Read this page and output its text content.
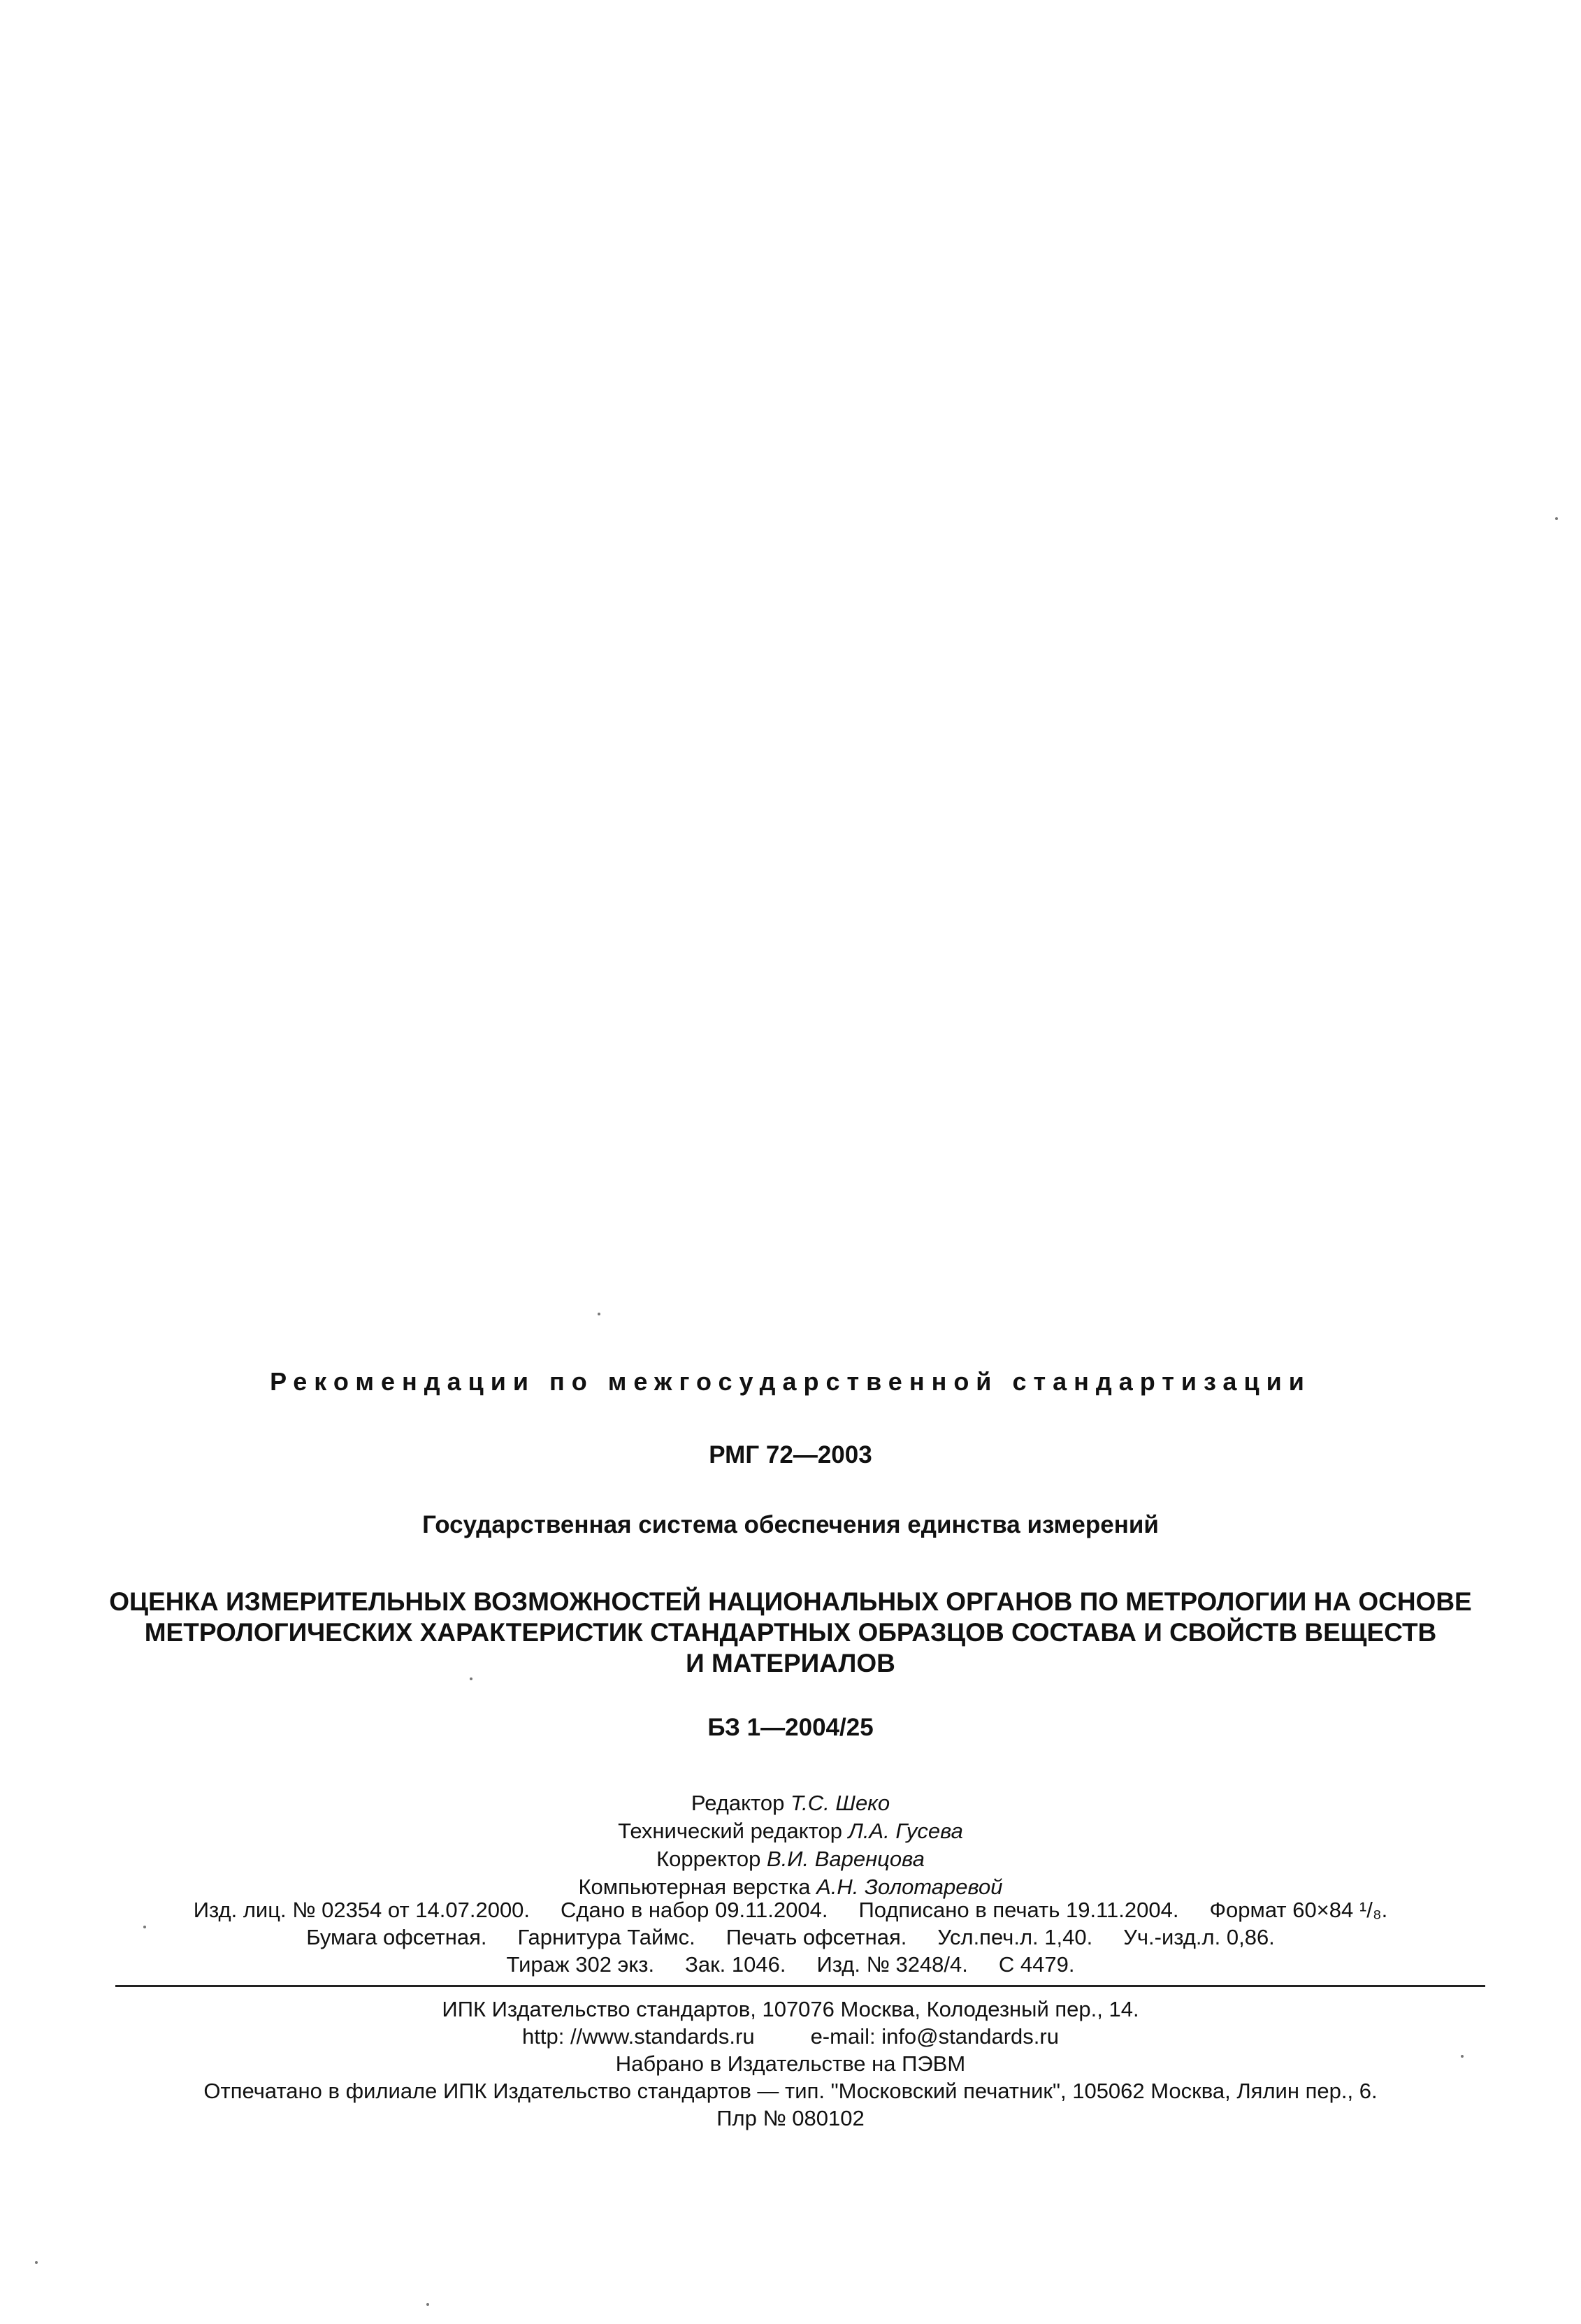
Рекомендации по межгосударственной стандартизации
РМГ 72—2003
Государственная система обеспечения единства измерений
ОЦЕНКА ИЗМЕРИТЕЛЬНЫХ ВОЗМОЖНОСТЕЙ НАЦИОНАЛЬНЫХ ОРГАНОВ ПО МЕТРОЛОГИИ НА ОСНОВЕ
МЕТРОЛОГИЧЕСКИХ ХАРАКТЕРИСТИК СТАНДАРТНЫХ ОБРАЗЦОВ СОСТАВА И СВОЙСТВ ВЕЩЕСТВ
И МАТЕРИАЛОВ
БЗ 1—2004/25
Редактор Т.С. Шеко
Технический редактор Л.А. Гусева
Корректор В.И. Варенцова
Компьютерная верстка А.Н. Золотаревой
Изд. лиц. № 02354 от 14.07.2000. Сдано в набор 09.11.2004. Подписано в печать 19.11.2004. Формат 60×84 ¹/₈.
Бумага офсетная. Гарнитура Таймс. Печать офсетная. Усл.печ.л. 1,40. Уч.-изд.л. 0,86.
Тираж 302 экз. Зак. 1046. Изд. № 3248/4. С 4479.
ИПК Издательство стандартов, 107076 Москва, Колодезный пер., 14.
http: //www.standards.ru	e-mail: info@standards.ru
Набрано в Издательстве на ПЭВМ
Отпечатано в филиале ИПК Издательство стандартов — тип. "Московский печатник", 105062 Москва, Лялин пер., 6.
Плр № 080102
